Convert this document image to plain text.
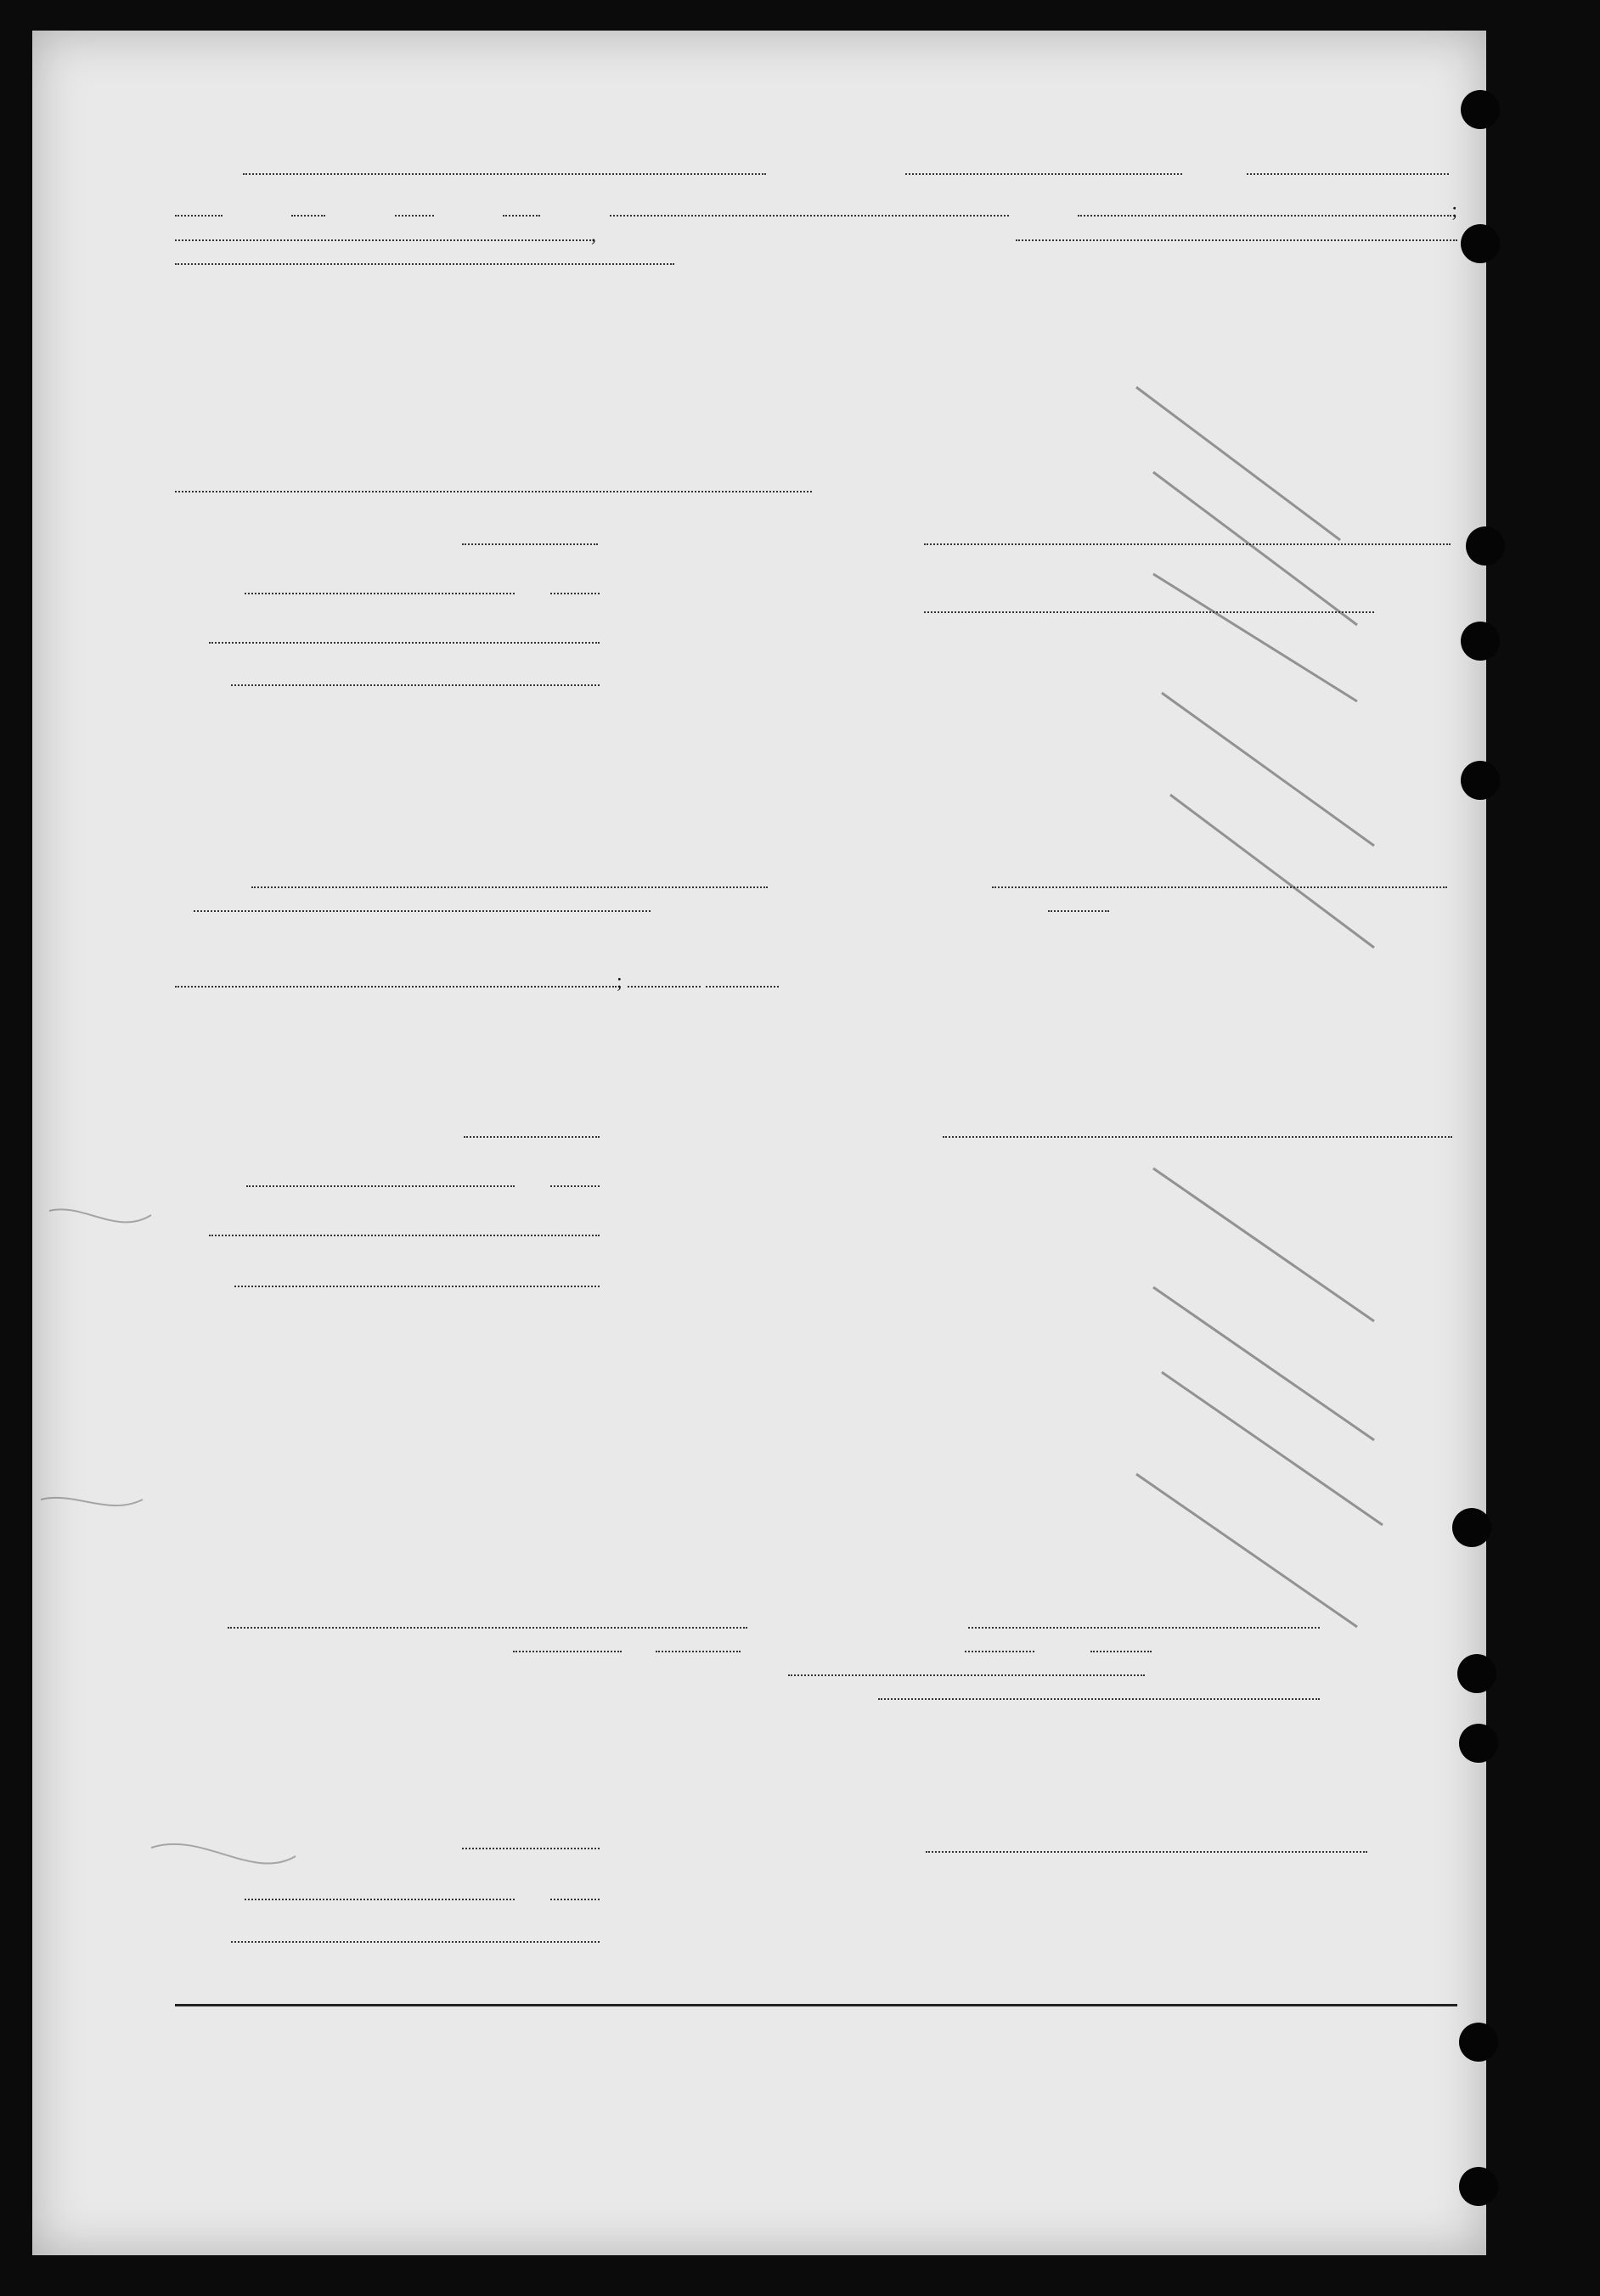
; ,
;
